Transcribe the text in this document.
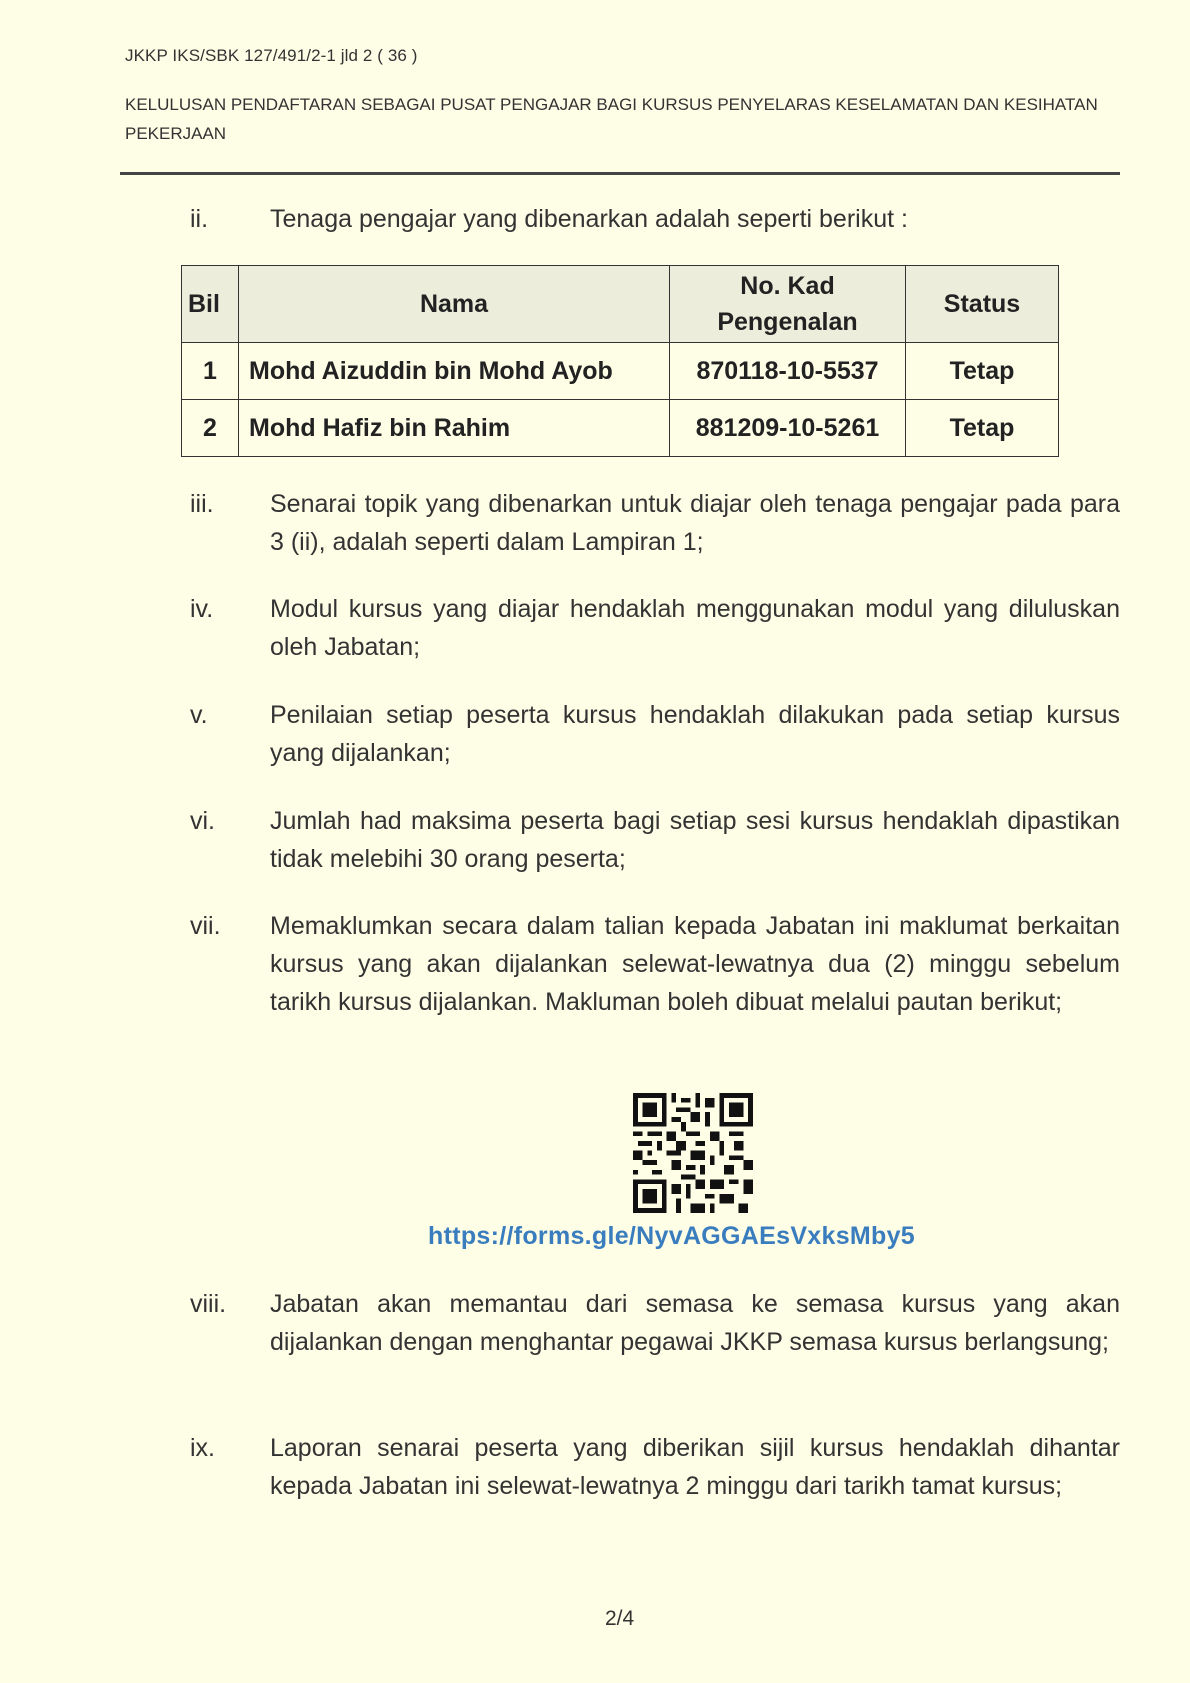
JKKP IKS/SBK 127/491/2-1 jld 2 ( 36 )
KELULUSAN PENDAFTARAN SEBAGAI PUSAT PENGAJAR BAGI KURSUS PENYELARAS KESELAMATAN DAN KESIHATAN PEKERJAAN
ii. Tenaga pengajar yang dibenarkan adalah seperti berikut :
Bil	Nama	No. Kad Pengenalan	Status
1	Mohd Aizuddin bin Mohd Ayob	870118-10-5537	Tetap
2	Mohd Hafiz bin Rahim	881209-10-5261	Tetap
iii. Senarai topik yang dibenarkan untuk diajar oleh tenaga pengajar pada para 3 (ii), adalah seperti dalam Lampiran 1;
iv. Modul kursus yang diajar hendaklah menggunakan modul yang diluluskan oleh Jabatan;
v. Penilaian setiap peserta kursus hendaklah dilakukan pada setiap kursus yang dijalankan;
vi. Jumlah had maksima peserta bagi setiap sesi kursus hendaklah dipastikan tidak melebihi 30 orang peserta;
vii. Memaklumkan secara dalam talian kepada Jabatan ini maklumat berkaitan kursus yang akan dijalankan selewat-lewatnya dua (2) minggu sebelum tarikh kursus dijalankan. Makluman boleh dibuat melalui pautan berikut;
https://forms.gle/NyvAGGAEsVxksMby5
viii. Jabatan akan memantau dari semasa ke semasa kursus yang akan dijalankan dengan menghantar pegawai JKKP semasa kursus berlangsung;
ix. Laporan senarai peserta yang diberikan sijil kursus hendaklah dihantar kepada Jabatan ini selewat-lewatnya 2 minggu dari tarikh tamat kursus;
2/4
